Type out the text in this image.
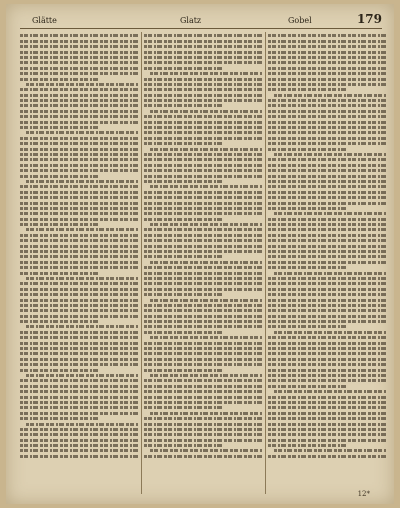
Glätte	Glatz	Gobel	179
12*
